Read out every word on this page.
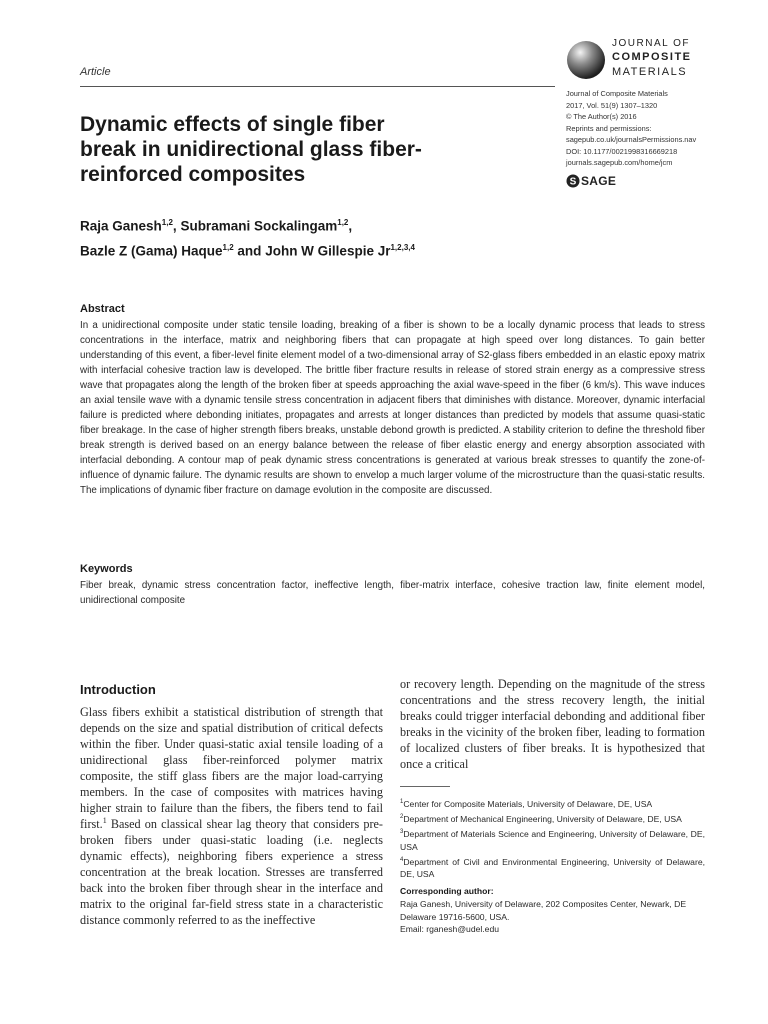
Article
JOURNAL OF
COMPOSITE
MATERIALS
Journal of Composite Materials
2017, Vol. 51(9) 1307–1320
© The Author(s) 2016
Reprints and permissions:
sagepub.co.uk/journalsPermissions.nav
DOI: 10.1177/0021998316669218
journals.sagepub.com/home/jcm
S SAGE
Dynamic effects of single fiber break in unidirectional glass fiber-reinforced composites
Raja Ganesh$^{1,2}$, Subramani Sockalingam$^{1,2}$,
Bazle Z (Gama) Haque$^{1,2}$ and John W Gillespie Jr$^{1,2,3,4}$
Abstract
In a unidirectional composite under static tensile loading, breaking of a fiber is shown to be a locally dynamic process that leads to stress concentrations in the interface, matrix and neighboring fibers that can propagate at high speed over long distances. To gain better understanding of this event, a fiber-level finite element model of a two-dimensional array of S2-glass fibers embedded in an elastic epoxy matrix with interfacial cohesive traction law is developed. The brittle fiber fracture results in release of stored strain energy as a compressive stress wave that propagates along the length of the broken fiber at speeds approaching the axial wave-speed in the fiber (6 km/s). This wave induces an axial tensile wave with a dynamic tensile stress concentration in adjacent fibers that diminishes with distance. Moreover, dynamic interfacial failure is predicted where debonding initiates, propagates and arrests at longer distances than predicted by models that assume quasi-static fiber breakage. In the case of higher strength fibers breaks, unstable debond growth is predicted. A stability criterion to define the threshold fiber break strength is derived based on an energy balance between the release of fiber elastic energy and energy absorption associated with interfacial debonding. A contour map of peak dynamic stress concentrations is generated at various break stresses to quantify the zone-of-influence of dynamic failure. The dynamic results are shown to envelop a much larger volume of the microstructure than the quasi-static results. The implications of dynamic fiber fracture on damage evolution in the composite are discussed.
Keywords
Fiber break, dynamic stress concentration factor, ineffective length, fiber-matrix interface, cohesive traction law, finite element model, unidirectional composite
Introduction
Glass fibers exhibit a statistical distribution of strength that depends on the size and spatial distribution of critical defects within the fiber. Under quasi-static axial tensile loading of a unidirectional glass fiber-reinforced polymer matrix composite, the stiff glass fibers are the major load-carrying members. In the case of composites with matrices having higher strain to failure than the fibers, the fibers tend to fail first.$^1$ Based on classical shear lag theory that considers pre-broken fibers under quasi-static loading (i.e. neglects dynamic effects), neighboring fibers experience a stress concentration at the break location. Stresses are transferred back into the broken fiber through shear in the interface and matrix to the original far-field stress state in a characteristic distance commonly referred to as the ineffective
or recovery length. Depending on the magnitude of the stress concentrations and the stress recovery length, the initial breaks could trigger interfacial debonding and additional fiber breaks in the vicinity of the broken fiber, leading to formation of localized clusters of fiber breaks. It is hypothesized that once a critical
$^1$Center for Composite Materials, University of Delaware, DE, USA
$^2$Department of Mechanical Engineering, University of Delaware, DE, USA
$^3$Department of Materials Science and Engineering, University of Delaware, DE, USA
$^4$Department of Civil and Environmental Engineering, University of Delaware, DE, USA
Corresponding author:
Raja Ganesh, University of Delaware, 202 Composites Center, Newark, DE Delaware 19716-5600, USA.
Email: rganesh@udel.edu
